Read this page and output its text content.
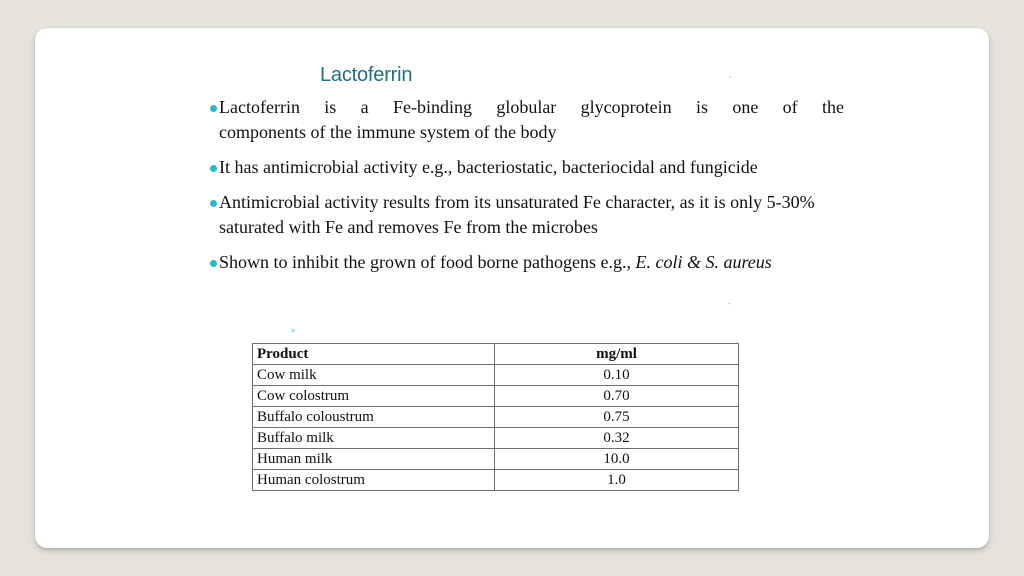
Lactoferrin	-
-
>
Lactoferrin is a Fe-binding globular glycoprotein is one of the
components of the immune system of the body
It has antimicrobial activity e.g., bacteriostatic, bacteriocidal and fungicide
Antimicrobial activity results from its unsaturated Fe character, as it is only 5-30% saturated with Fe and removes Fe from the microbes
Shown to inhibit the grown of food borne pathogens e.g., E. coli & S. aureus
Product	mg/ml
Cow milk	0.10
Cow colostrum	0.70
Buffalo coloustrum	0.75
Buffalo milk	0.32
Human milk	10.0
Human colostrum	1.0
